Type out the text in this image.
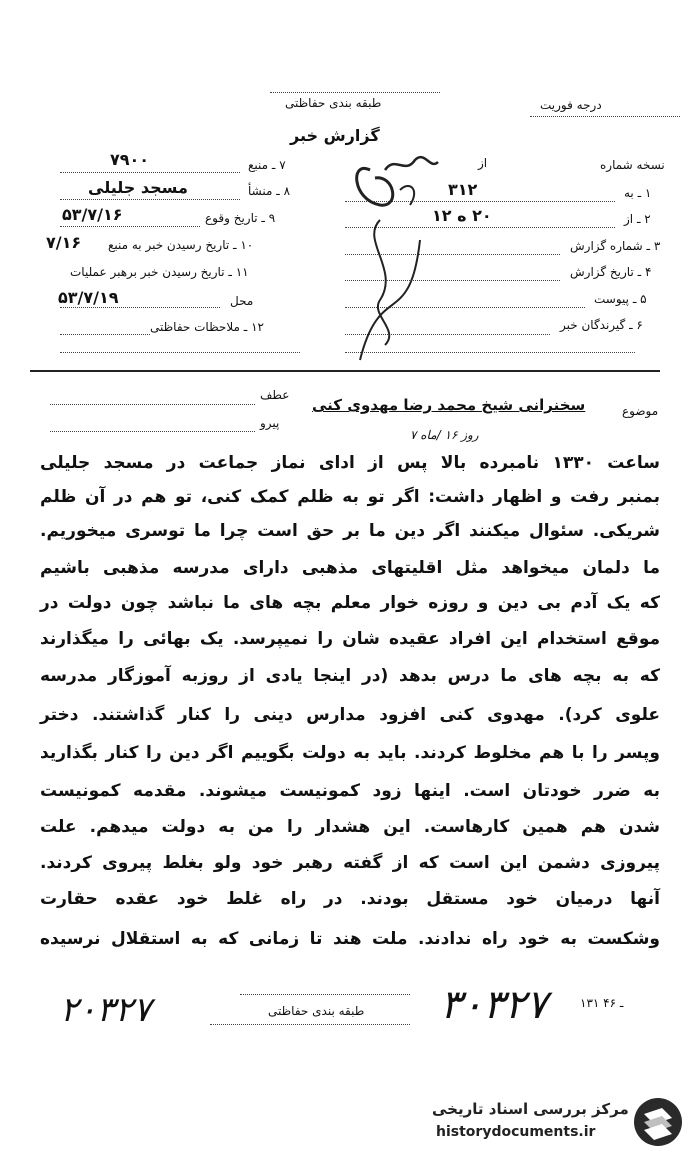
درجه فوریت
طبقه بندی حفاظتی
گزارش خبر
نسخه شماره
از
۷ ـ منبع
۷۹۰۰
۸ ـ منشأ
مسجد جلیلی
۹ ـ تاریخ وقوع
۵۳/۷/۱۶
۱۰ ـ تاریخ رسیدن خبر به منبع
۷/۱۶
۱۱ ـ تاریخ رسیدن خبر برهبر عملیات
۵۳/۷/۱۹	محل
۱۲ ـ ملاحظات حفاظتی
۱ ـ به
۳۱۲
۲ ـ از
۲۰ ه ۱۲
۳ ـ شماره گزارش
۴ ـ تاریخ گزارش
۵ ـ پیوست
۶ ـ گیرندگان خبر
موضوع
سخنرانی شیخ محمد رضا مهدوی کنی
عطف
پیرو
روز ۱۶ /ماه ۷
ساعت ۱۳۳۰ نامبرده بالا پس از ادای نماز جماعت در مسجد جلیلی
بمنبر رفت و اظهار داشت: اگر تو به ظلم کمک کنی، تو هم در آن ظلم
شریکی. سئوال میکنند اگر دین ما بر حق است چرا ما توسری میخوریم.
ما دلمان میخواهد مثل اقلیتهای مذهبی دارای مدرسه مذهبی باشیم
که یک آدم بی دین و روزه خوار معلم بچه های ما نباشد چون دولت در
موقع استخدام این افراد عقیده شان را نمیپرسد. یک بهائی را میگذارند
که به بچه های ما درس بدهد (در اینجا یادی از روزبه آموزگار مدرسه
علوی کرد). مهدوی کنی افزود مدارس دینی را کنار گذاشتند. دختر
وپسر را با هم مخلوط کردند. باید به دولت بگوییم اگر دین را کنار بگذارید
به ضرر خودتان است. اینها زود کمونیست میشوند. مقدمه کمونیست
شدن هم همین کارهاست. این هشدار را من به دولت میدهم. علت
پیروزی دشمن این است که از گفته رهبر خود ولو بغلط پیروی کردند.
آنها درمیان خود مستقل بودند. در راه غلط خود عقده حقارت
وشکست به خود راه ندادند. ملت هند تا زمانی که به استقلال نرسیده
۲۰۳۲۷	طبقه بندی حفاظتی ۳۰۳۲۷	۱۳۱ ـ ۴۶
مرکز بررسی اسناد تاریخی
historydocuments.ir
